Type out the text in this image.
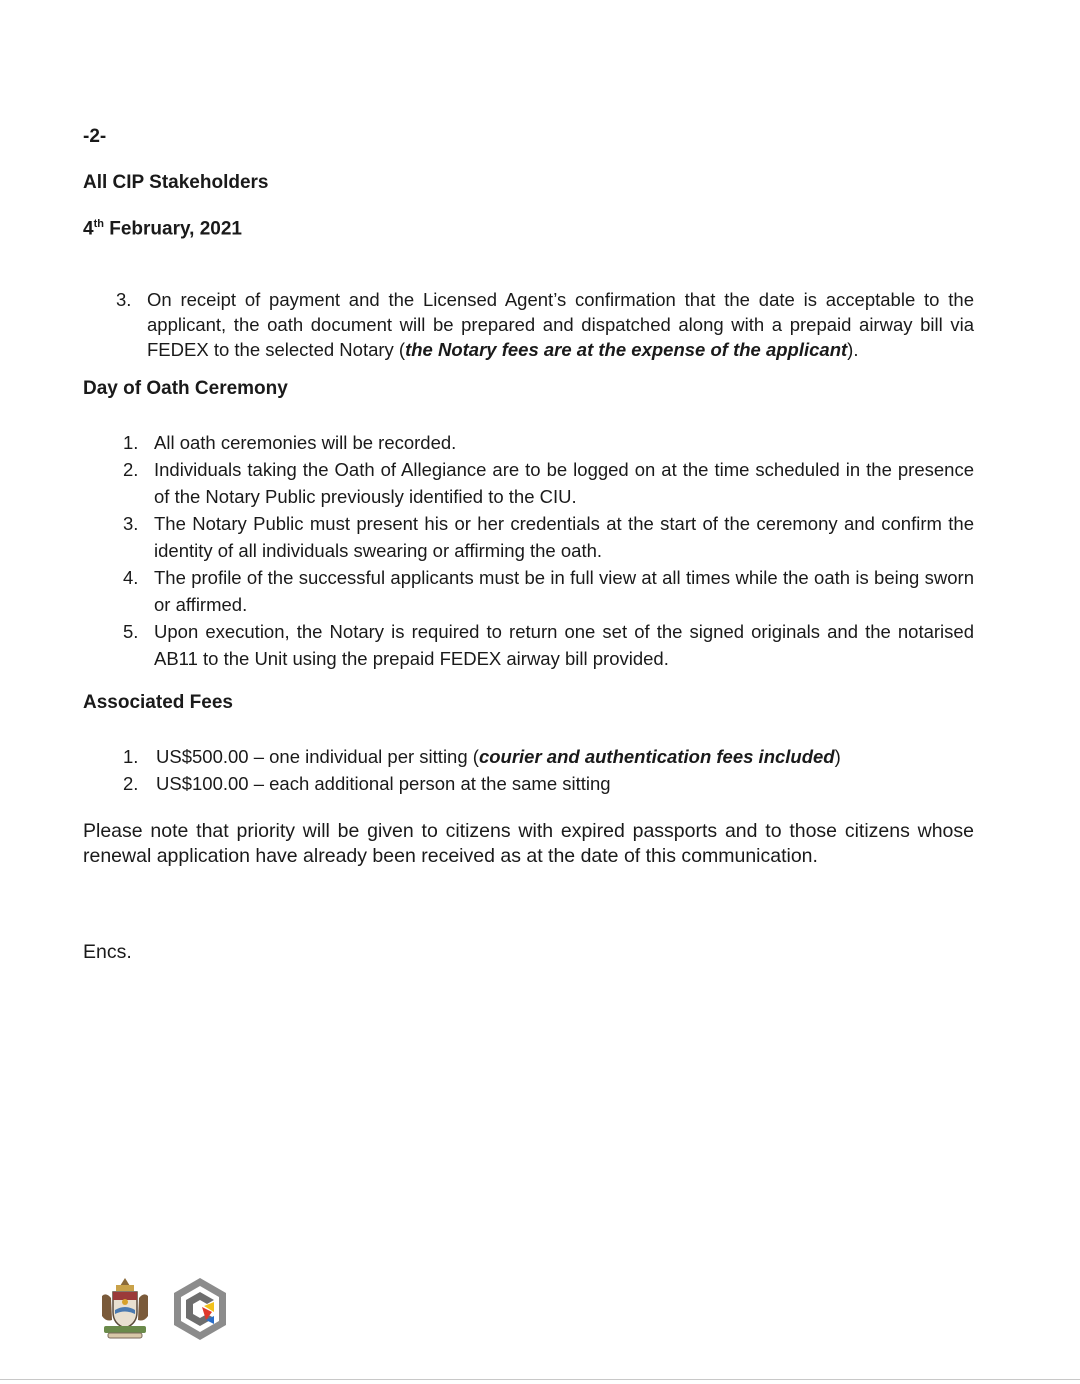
-2-
All CIP Stakeholders
4th February, 2021
3. On receipt of payment and the Licensed Agent’s confirmation that the date is acceptable to the applicant, the oath document will be prepared and dispatched along with a prepaid airway bill via FEDEX to the selected Notary (the Notary fees are at the expense of the applicant).
Day of Oath Ceremony
1. All oath ceremonies will be recorded.
2. Individuals taking the Oath of Allegiance are to be logged on at the time scheduled in the presence of the Notary Public previously identified to the CIU.
3. The Notary Public must present his or her credentials at the start of the ceremony and confirm the identity of all individuals swearing or affirming the oath.
4. The profile of the successful applicants must be in full view at all times while the oath is being sworn or affirmed.
5. Upon execution, the Notary is required to return one set of the signed originals and the notarised AB11 to the Unit using the prepaid FEDEX airway bill provided.
Associated Fees
1. US$500.00 – one individual per sitting (courier and authentication fees included)
2. US$100.00 – each additional person at the same sitting
Please note that priority will be given to citizens with expired passports and to those citizens whose renewal application have already been received as at the date of this communication.
Encs.
